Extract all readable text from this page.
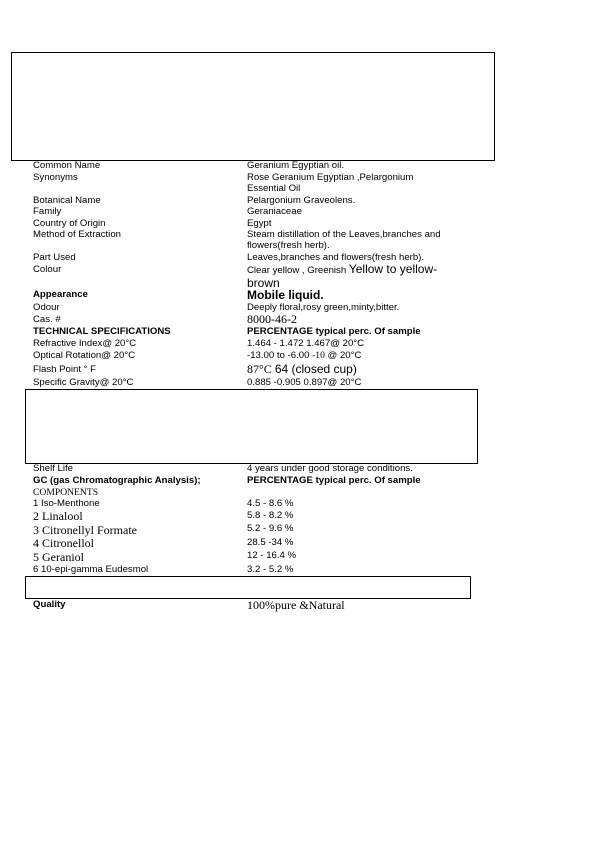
Common Name	Geranium Egyptian oil.
Synonyms	Rose Geranium Egyptian ,Pelargonium
Essential Oil
Botanical Name	Pelargonium Graveolens.
Family	Geraniaceae
Country of Origin	Egypt
Method of Extraction	Steam distillation of the Leaves,branches and
flowers(fresh herb).
Part Used	Leaves,branches and flowers(fresh herb).
Colour	Clear yellow , Greenish Yellow to yellow-
brown
Appearance	Mobile liquid.
Odour	Deeply floral,rosy green,minty,bitter.
Cas. #	8000-46-2
TECHNICAL SPECIFICATIONS	PERCENTAGE typical perc. Of sample
Refractive Index@ 20°C	1.464 - 1.472 1.467@ 20°C
Optical Rotation@ 20°C	-13.00 to -6.00 -10 @ 20°C
Flash Point ° F	87°C 64 (closed cup)
Specific Gravity@ 20°C	0.885 -0.905 0.897@ 20°C
Shelf Life	4 years under good storage conditions.
GC (gas Chromatographic Analysis);	PERCENTAGE typical perc. Of sample
COMPONENTS
1 Iso-Menthone	4.5 - 8.6 %
2 Linalool	5.8 - 8.2 %
3 Citronellyl Formate	5.2 - 9.6 %
4 Citronellol	28.5 -34 %
5 Geraniol	12 - 16.4 %
6 10-epi-gamma Eudesmol	3.2 - 5.2 %
Quality	100%pure &Natural
